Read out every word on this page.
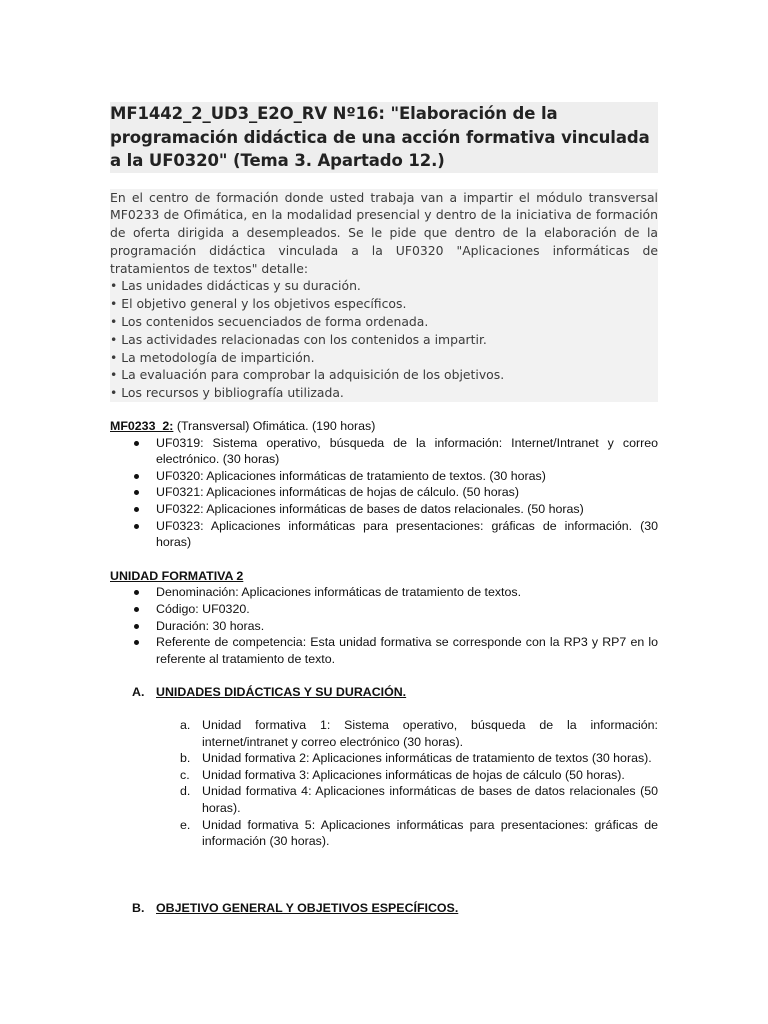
MF1442_2_UD3_E2O_RV Nº16: "Elaboración de la programación didáctica de una acción formativa vinculada a la UF0320" (Tema 3. Apartado 12.)

En el centro de formación donde usted trabaja van a impartir el módulo transversal MF0233 de Ofimática, en la modalidad presencial y dentro de la iniciativa de formación de oferta dirigida a desempleados. Se le pide que dentro de la elaboración de la programación didáctica vinculada a la UF0320 "Aplicaciones informáticas de tratamientos de textos" detalle:

• Las unidades didácticas y su duración.
• El objetivo general y los objetivos específicos.
• Los contenidos secuenciados de forma ordenada.
• Las actividades relacionadas con los contenidos a impartir.
• La metodología de impartición.
• La evaluación para comprobar la adquisición de los objetivos.
• Los recursos y bibliografía utilizada.
MF0233_2: (Transversal) Ofimática. (190 horas)
UF0319: Sistema operativo, búsqueda de la información: Internet/Intranet y correo electrónico. (30 horas)
UF0320: Aplicaciones informáticas de tratamiento de textos. (30 horas)
UF0321: Aplicaciones informáticas de hojas de cálculo. (50 horas)
UF0322: Aplicaciones informáticas de bases de datos relacionales. (50 horas)
UF0323: Aplicaciones informáticas para presentaciones: gráficas de información. (30 horas)
UNIDAD FORMATIVA 2
Denominación: Aplicaciones informáticas de tratamiento de textos.
Código: UF0320.
Duración: 30 horas.
Referente de competencia: Esta unidad formativa se corresponde con la RP3 y RP7 en lo referente al tratamiento de texto.
A. UNIDADES DIDÁCTICAS Y SU DURACIÓN.
a. Unidad formativa 1: Sistema operativo, búsqueda de la información: internet/intranet y correo electrónico (30 horas).
b. Unidad formativa 2: Aplicaciones informáticas de tratamiento de textos (30 horas).
c. Unidad formativa 3: Aplicaciones informáticas de hojas de cálculo (50 horas).
d. Unidad formativa 4: Aplicaciones informáticas de bases de datos relacionales (50 horas).
e. Unidad formativa 5: Aplicaciones informáticas para presentaciones: gráficas de información (30 horas).
B. OBJETIVO GENERAL Y OBJETIVOS ESPECÍFICOS.
